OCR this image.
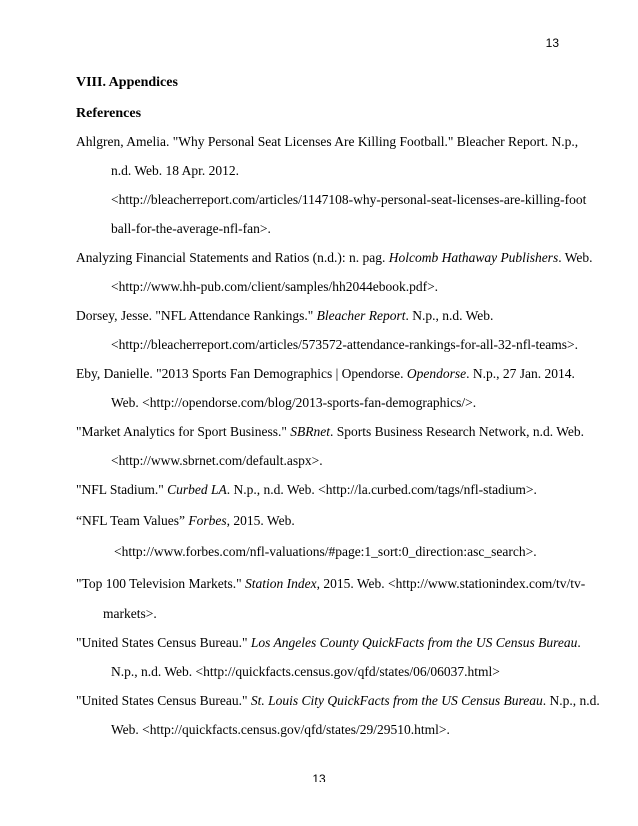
13
VIII. Appendices
References
Ahlgren, Amelia. "Why Personal Seat Licenses Are Killing Football." Bleacher Report. N.p.,
n.d. Web. 18 Apr. 2012.
<http://bleacherreport.com/articles/1147108-why-personal-seat-licenses-are-killing-foot
ball-for-the-average-nfl-fan>.
Analyzing Financial Statements and Ratios (n.d.): n. pag. Holcomb Hathaway Publishers. Web.
<http://www.hh-pub.com/client/samples/hh2044ebook.pdf>.
Dorsey, Jesse. "NFL Attendance Rankings." Bleacher Report. N.p., n.d. Web.
<http://bleacherreport.com/articles/573572-attendance-rankings-for-all-32-nfl-teams>.
Eby, Danielle. "2013 Sports Fan Demographics | Opendorse. Opendorse. N.p., 27 Jan. 2014.
Web. <http://opendorse.com/blog/2013-sports-fan-demographics/>.
"Market Analytics for Sport Business." SBRnet. Sports Business Research Network, n.d. Web.
<http://www.sbrnet.com/default.aspx>.
"NFL Stadium." Curbed LA. N.p., n.d. Web. <http://la.curbed.com/tags/nfl-stadium>.
“NFL Team Values” Forbes, 2015. Web.
<http://www.forbes.com/nfl-valuations/#page:1_sort:0_direction:asc_search>.
"Top 100 Television Markets." Station Index, 2015. Web. <http://www.stationindex.com/tv/tv-
markets>.
"United States Census Bureau." Los Angeles County QuickFacts from the US Census Bureau.
N.p., n.d. Web. <http://quickfacts.census.gov/qfd/states/06/06037.html>
"United States Census Bureau." St. Louis City QuickFacts from the US Census Bureau. N.p., n.d.
Web. <http://quickfacts.census.gov/qfd/states/29/29510.html>.
13
